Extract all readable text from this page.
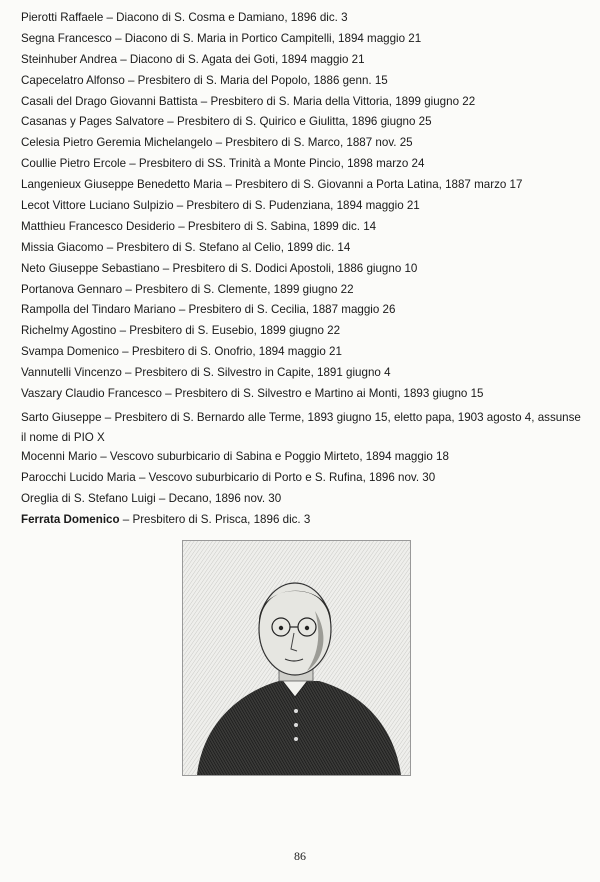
Pierotti Raffaele – Diacono di S. Cosma e Damiano, 1896 dic. 3
Segna Francesco – Diacono di S. Maria in Portico Campitelli, 1894 maggio 21
Steinhuber Andrea – Diacono di S. Agata dei Goti, 1894 maggio 21
Capecelatro Alfonso – Presbitero di S. Maria del Popolo, 1886 genn. 15
Casali del Drago Giovanni Battista – Presbitero di S. Maria della Vittoria, 1899 giugno 22
Casanas y Pages Salvatore – Presbitero di S. Quirico e Giulitta, 1896 giugno 25
Celesia Pietro Geremia Michelangelo – Presbitero di S. Marco, 1887 nov. 25
Coullie Pietro Ercole – Presbitero di SS. Trinità a Monte Pincio, 1898 marzo 24
Langenieux Giuseppe Benedetto Maria – Presbitero di S. Giovanni a Porta Latina, 1887 marzo 17
Lecot Vittore Luciano Sulpizio – Presbitero di S. Pudenziana, 1894 maggio 21
Matthieu Francesco Desiderio – Presbitero di S. Sabina, 1899 dic. 14
Missia Giacomo – Presbitero di S. Stefano al Celio, 1899 dic. 14
Neto Giuseppe Sebastiano – Presbitero di S. Dodici Apostoli, 1886 giugno 10
Portanova Gennaro – Presbitero di S. Clemente, 1899 giugno 22
Rampolla del Tindaro Mariano – Presbitero di S. Cecilia, 1887 maggio 26
Richelmy Agostino – Presbitero di S. Eusebio, 1899 giugno 22
Svampa Domenico – Presbitero di S. Onofrio, 1894 maggio 21
Vannutelli Vincenzo – Presbitero di S. Silvestro in Capite, 1891 giugno 4
Vaszary Claudio Francesco – Presbitero di S. Silvestro e Martino ai Monti, 1893 giugno 15
Sarto Giuseppe – Presbitero di S. Bernardo alle Terme, 1893 giugno 15, eletto papa, 1903 agosto 4, assunse il nome di PIO X
Mocenni Mario – Vescovo suburbicario di Sabina e Poggio Mirteto, 1894 maggio 18
Parocchi Lucido Maria – Vescovo suburbicario di Porto e S. Rufina, 1896 nov. 30
Oreglia di S. Stefano Luigi – Decano, 1896 nov. 30
Ferrata Domenico – Presbitero di S. Prisca, 1896 dic. 3
86
